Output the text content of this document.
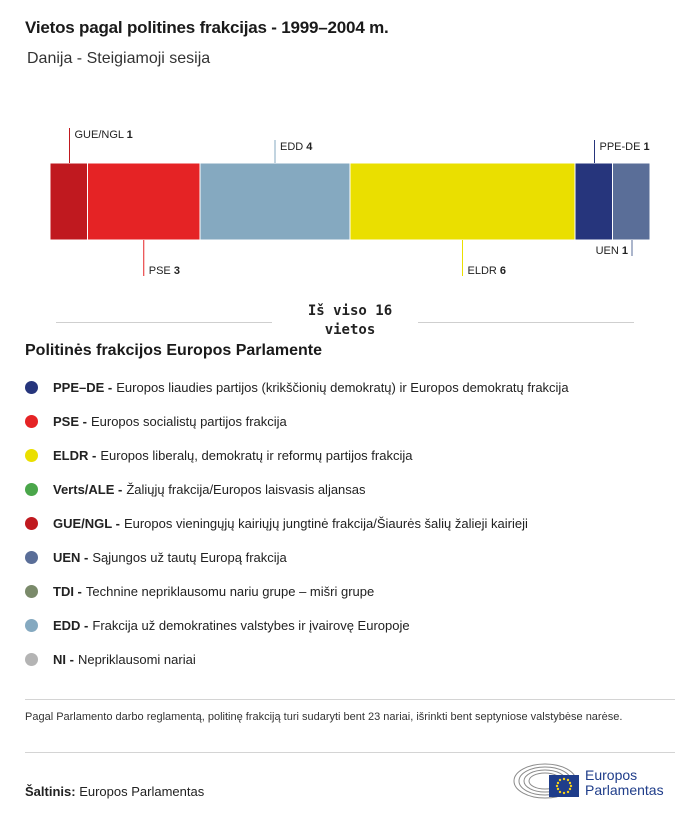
Vietos pagal politines frakcijas - 1999–2004 m.
Danija - Steigiamoji sesija
GUE/NGL 1
PSE 3
EDD 4
ELDR 6
PPE-DE 1
UEN 1
Iš viso 16
vietos
Politinės frakcijos Europos Parlamente
PPE–DE - Europos liaudies partijos (krikščionių demokratų) ir Europos demokratų frakcija
PSE - Europos socialistų partijos frakcija
ELDR - Europos liberalų, demokratų ir reformų partijos frakcija
Verts/ALE - Žaliųjų frakcija/Europos laisvasis aljansas
GUE/NGL - Europos vieningųjų kairiųjų jungtinė frakcija/Šiaurės šalių žalieji kairieji
UEN - Sąjungos už tautų Europą frakcija
TDI - Technine nepriklausomu nariu grupe – mišri grupe
EDD - Frakcija už demokratines valstybes ir įvairovę Europoje
NI - Nepriklausomi nariai
Pagal Parlamento darbo reglamentą, politinę frakciją turi sudaryti bent 23 nariai, išrinkti bent septyniose valstybėse narėse.
Šaltinis: Europos Parlamentas
Europos
Parlamentas
